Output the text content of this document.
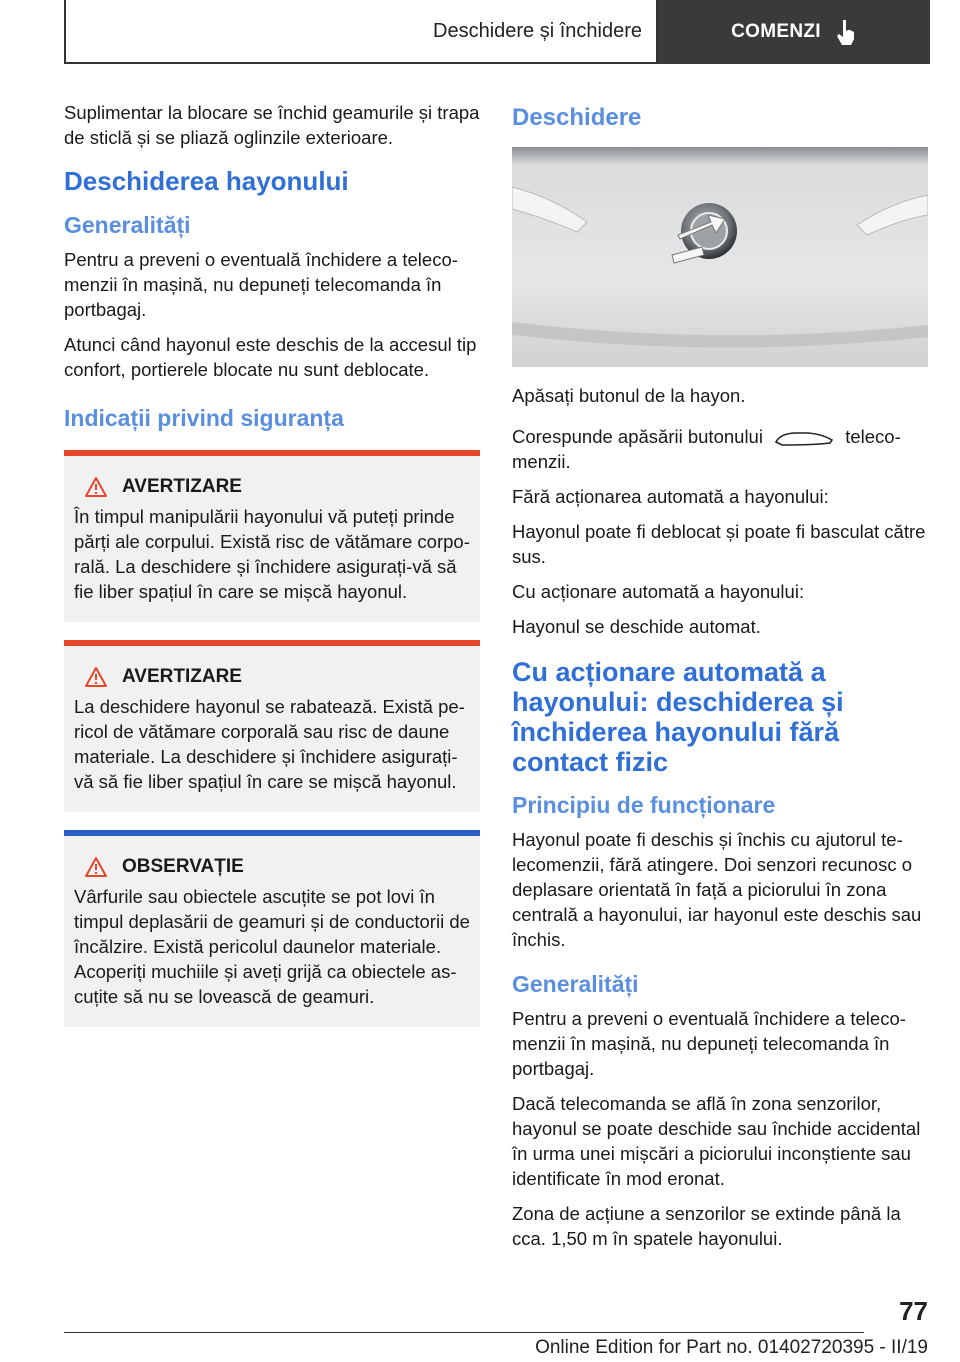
Deschidere și închidere	COMENZI

Suplimentar la blocare se închid geamurile și trapa de sticlă și se pliază oglinzile exterioare.

Deschiderea hayonului
Generalități

Pentru a preveni o eventuală închidere a telecomenzii în mașină, nu depuneți telecomanda în portbagaj.

Atunci când hayonul este deschis de la accesul tip confort, portierele blocate nu sunt deblocate.

Indicații privind siguranța
AVERTIZARE

În timpul manipulării hayonului vă puteți prinde părți ale corpului. Există risc de vătămare corporală. La deschidere și închidere asigurați-vă să fie liber spațiul în care se mișcă hayonul.

AVERTIZARE

La deschidere hayonul se rabatează. Există pericol de vătămare corporală sau risc de daune materiale. La deschidere și închidere asigurați-vă să fie liber spațiul în care se mișcă hayonul.

OBSERVAȚIE

Vârfurile sau obiectele ascuțite se pot lovi în timpul deplasării de geamuri și de conductorii de încălzire. Există pericolul daunelor materiale. Acoperiți muchiile și aveți grijă ca obiectele ascuțite să nu se lovească de geamuri.

Deschidere

Apăsați butonul de la hayon.

Corespunde apăsării butonului	telecomenzii.

Fără acționarea automată a hayonului:

Hayonul poate fi deblocat și poate fi basculat către sus.

Cu acționare automată a hayonului:

Hayonul se deschide automat.

Cu acționare automată a hayonului: deschiderea și închiderea hayonului fără contact fizic
Principiu de funcționare

Hayonul poate fi deschis și închis cu ajutorul telecomenzii, fără atingere. Doi senzori recunosc o deplasare orientată în față a piciorului în zona centrală a hayonului, iar hayonul este deschis sau închis.

Generalități

Pentru a preveni o eventuală închidere a telecomenzii în mașină, nu depuneți telecomanda în portbagaj.

Dacă telecomanda se află în zona senzorilor, hayonul se poate deschide sau închide accidental în urma unei mișcări a piciorului inconștiente sau identificate în mod eronat.

Zona de acțiune a senzorilor se extinde până la cca. 1,50 m în spatele hayonului.

77
Online Edition for Part no. 01402720395 - II/19
